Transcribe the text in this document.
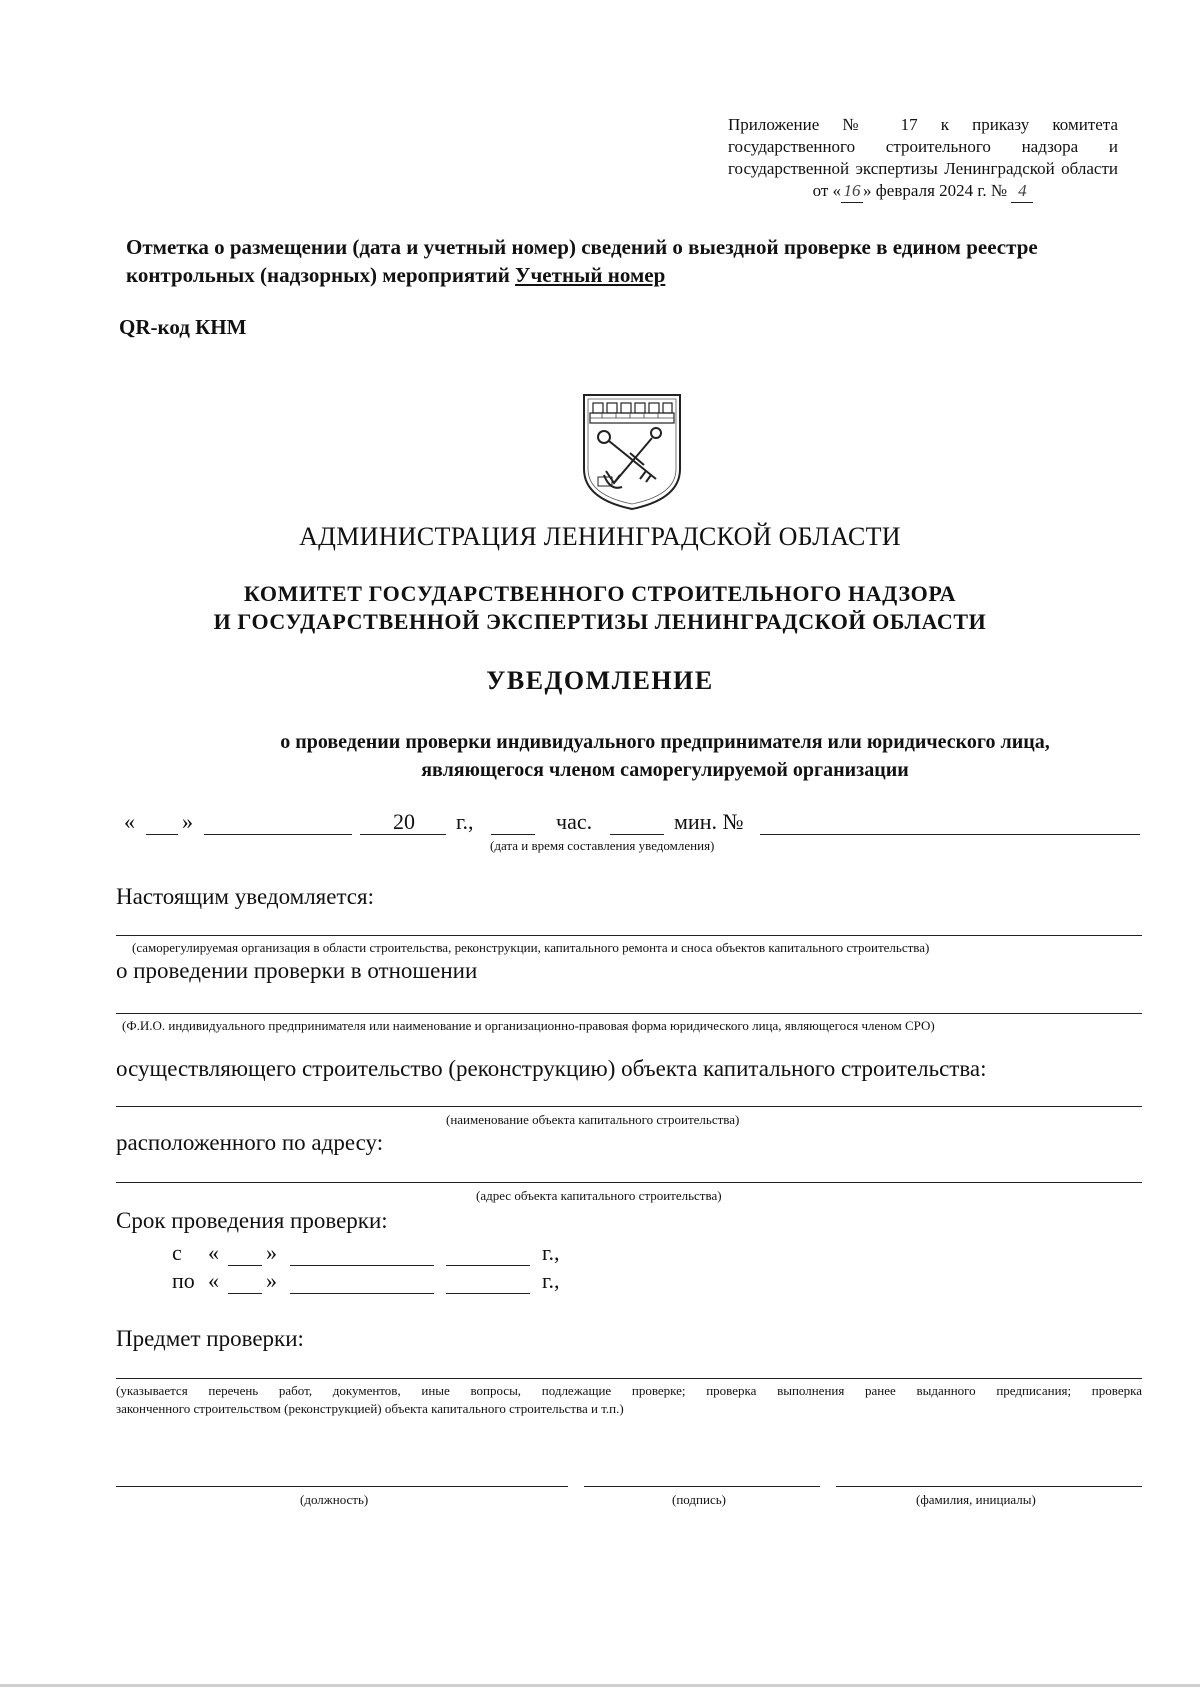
Приложение № 17 к приказу комитета государственного строительного надзора и государственной экспертизы Ленинградской области от « 16 » февраля 2024 г. № 4
Отметка о размещении (дата и учетный номер) сведений о выездной проверке в едином реестре контрольных (надзорных) мероприятий Учетный номер
QR-код КНМ
АДМИНИСТРАЦИЯ ЛЕНИНГРАДСКОЙ ОБЛАСТИ
КОМИТЕТ ГОСУДАРСТВЕННОГО СТРОИТЕЛЬНОГО НАДЗОРА
И ГОСУДАРСТВЕННОЙ ЭКСПЕРТИЗЫ ЛЕНИНГРАДСКОЙ ОБЛАСТИ
УВЕДОМЛЕНИЕ
о проведении проверки индивидуального предпринимателя или юридического лица,
являющегося членом саморегулируемой организации
« »	20 г.,	час.	мин. №
(дата и время составления уведомления)
Настоящим уведомляется:
(саморегулируемая организация в области строительства, реконструкции, капитального ремонта и сноса объектов капитального строительства)
о проведении проверки в отношении
(Ф.И.О. индивидуального предпринимателя или наименование и организационно-правовая форма юридического лица, являющегося членом СРО)
осуществляющего строительство (реконструкцию) объекта капитального строительства:
(наименование объекта капитального строительства)
расположенного по адресу:
(адрес объекта капитального строительства)
Срок проведения проверки:
с « »	г.,
по « »	г.,
Предмет проверки:
(указывается перечень работ, документов, иные вопросы, подлежащие проверке; проверка выполнения ранее выданного предписания; проверка
законченного строительством (реконструкцией) объекта капитального строительства и т.п.)
(должность)	(подпись)	(фамилия, инициалы)
